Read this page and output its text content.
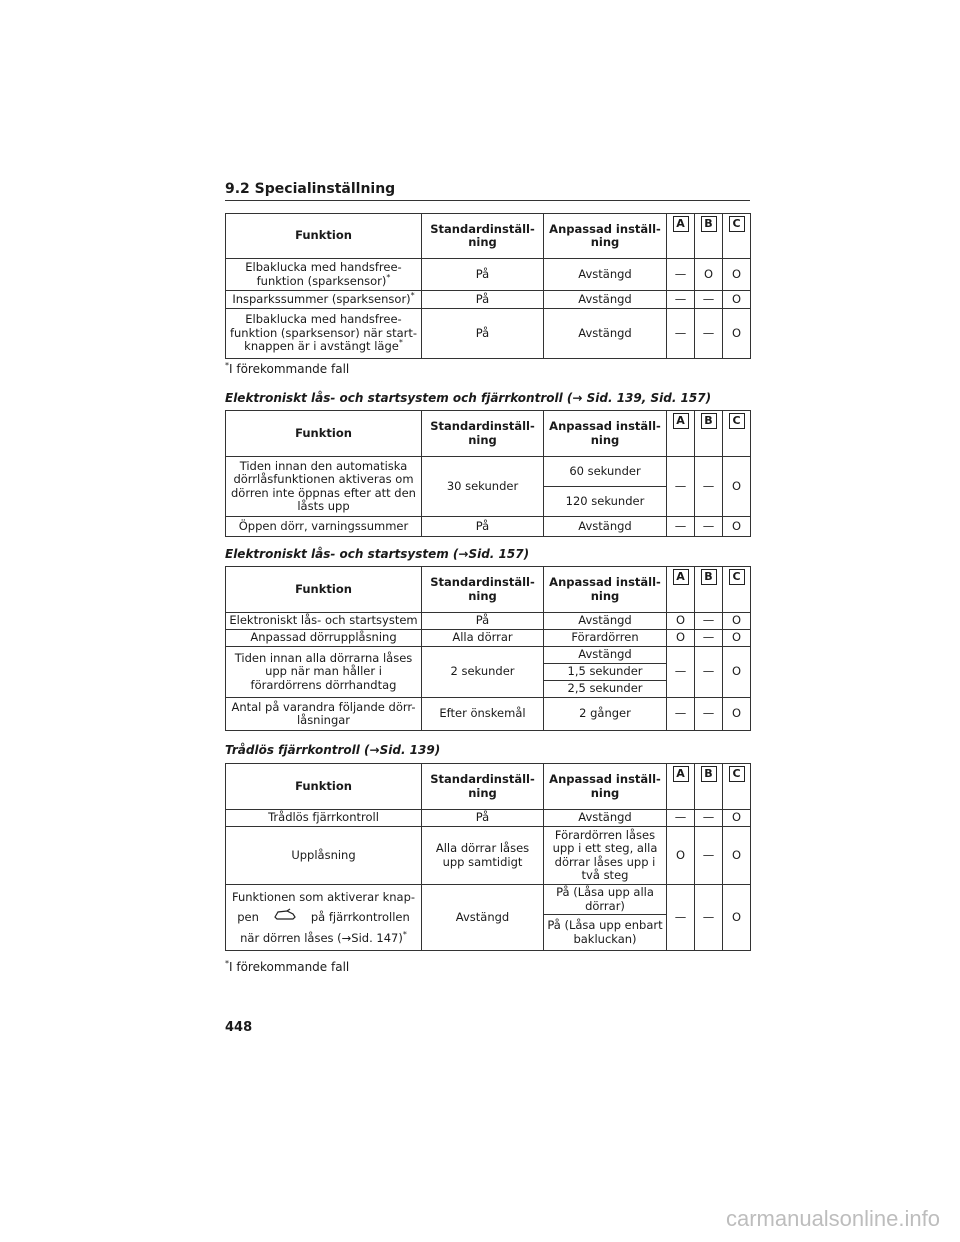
9.2 Specialinställning
Funktion	Standardinställ-ning	Anpassad inställ-ning	A	B	C
Elbaklucka med handsfree-funktion (sparksensor)*	På	Avstängd	—	O	O
Insparkssummer (sparksensor)*	På	Avstängd	—	—	O
Elbaklucka med handsfree-funktion (sparksensor) när start-knappen är i avstängt läge*	På	Avstängd	—	—	O
*I förekommande fall
Elektroniskt lås- och startsystem och fjärrkontroll (→ Sid. 139, Sid. 157)
Funktion	Standardinställ-ning	Anpassad inställ-ning	A	B	C
Tiden innan den automatiska dörrlåsfunktionen aktiveras om dörren inte öppnas efter att den låsts upp	30 sekunder	60 sekunder	—	—	O
		120 sekunder			
Öppen dörr, varningssummer	På	Avstängd	—	—	O
Elektroniskt lås- och startsystem (→Sid. 157)
Funktion	Standardinställ-ning	Anpassad inställ-ning	A	B	C
Elektroniskt lås- och startsystem	På	Avstängd	O	—	O
Anpassad dörrupplåsning	Alla dörrar	Förardörren	O	—	O
Tiden innan alla dörrarna låses upp när man håller i förardörrens dörrhandtag	2 sekunder	Avstängd	—	—	O
		1,5 sekunder			
		2,5 sekunder			
Antal på varandra följande dörr-låsningar	Efter önskemål	2 gånger	—	—	O
Trådlös fjärrkontroll (→Sid. 139)
Funktion	Standardinställ-ning	Anpassad inställ-ning	A	B	C
Trådlös fjärrkontroll	På	Avstängd	—	—	O
Upplåsning	Alla dörrar låses upp samtidigt	Förardörren låses upp i ett steg, alla dörrar låses upp i två steg	O	—	O

Funktionen som aktiverar knap-
pen på fjärrkontrollen
när dörren låses (→Sid. 147)*	Avstängd	På (Låsa upp alla dörrar)	—	—	O
		På (Låsa upp enbart bakluckan)			
*I förekommande fall
448
carmanualsonline.info
